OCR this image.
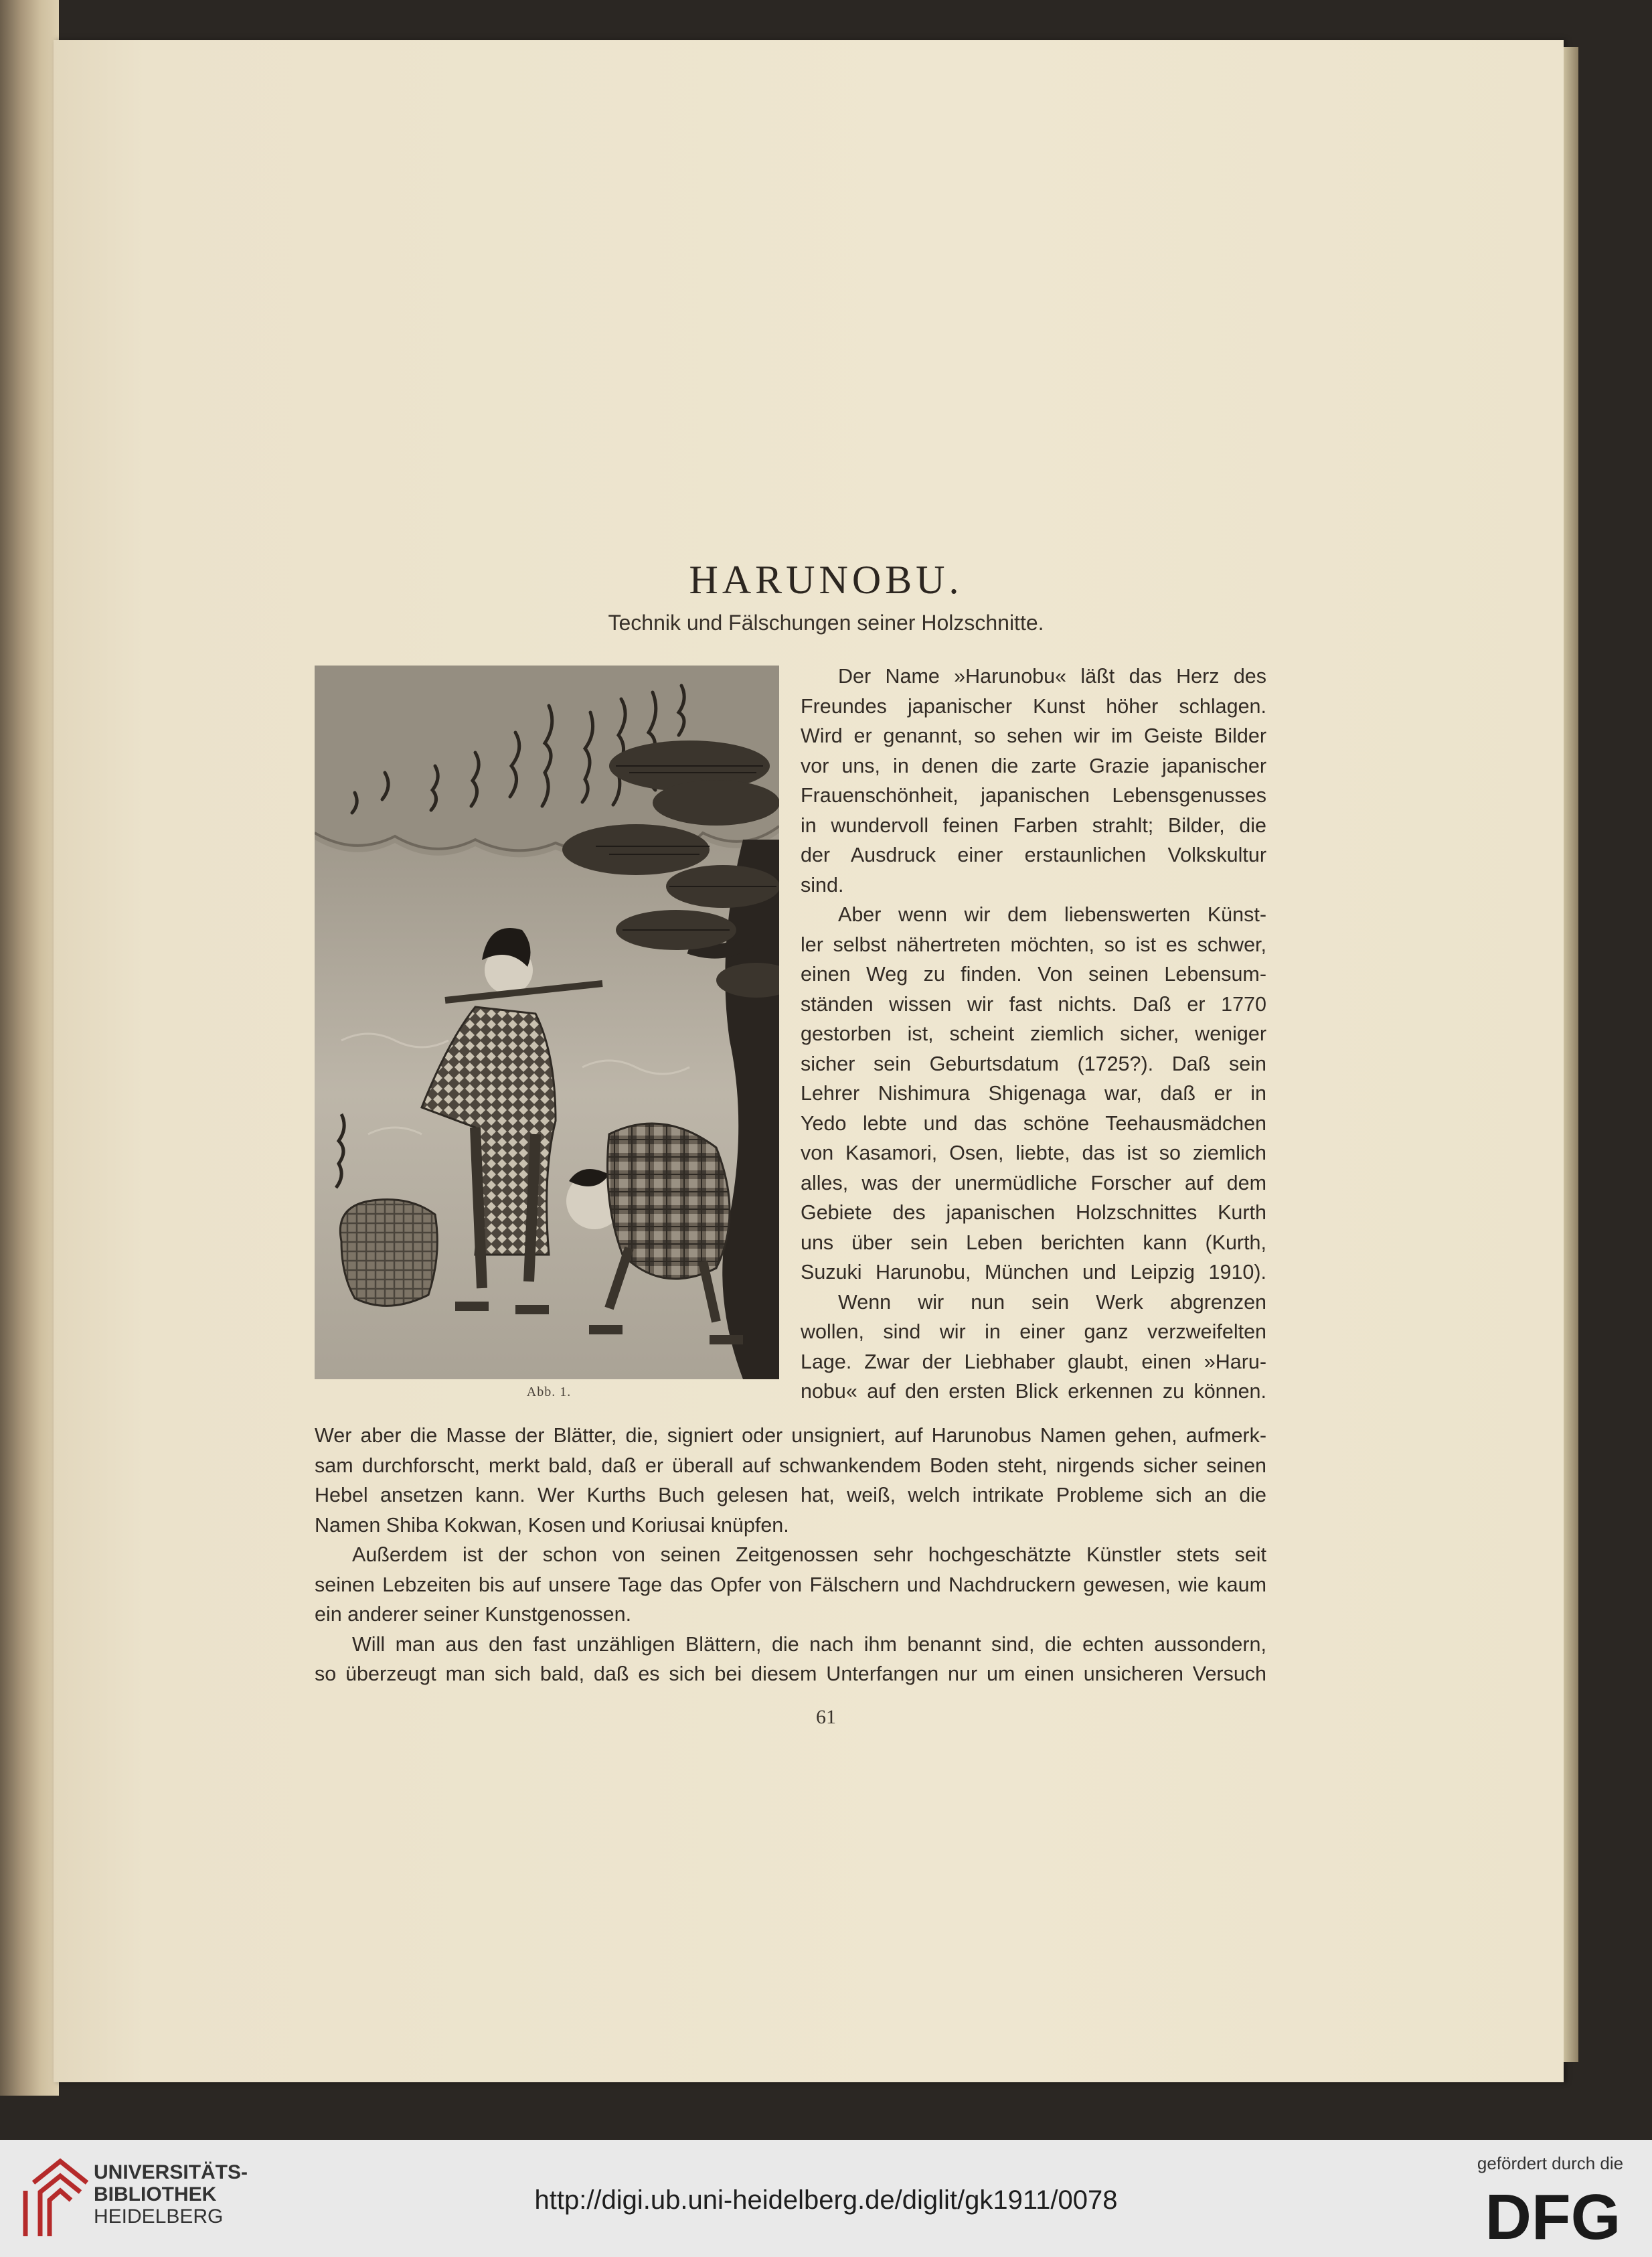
HARUNOBU.
Technik und Fälschungen seiner Holzschnitte.
Abb. 1.
Der Name »Harunobu« läßt das Herz des
Freundes japanischer Kunst höher schlagen.
Wird er genannt, so sehen wir im Geiste Bilder
vor uns, in denen die zarte Grazie japanischer
Frauenschönheit, japanischen Lebensgenusses
in wundervoll feinen Farben strahlt; Bilder, die
der Ausdruck einer erstaunlichen Volkskultur
sind.
Aber wenn wir dem liebenswerten Künst-
ler selbst nähertreten möchten, so ist es schwer,
einen Weg zu finden. Von seinen Lebensum-
ständen wissen wir fast nichts. Daß er 1770
gestorben ist, scheint ziemlich sicher, weniger
sicher sein Geburtsdatum (1725?). Daß sein
Lehrer Nishimura Shigenaga war, daß er in
Yedo lebte und das schöne Teehausmädchen
von Kasamori, Osen, liebte, das ist so ziemlich
alles, was der unermüdliche Forscher auf dem
Gebiete des japanischen Holzschnittes Kurth
uns über sein Leben berichten kann (Kurth,
Suzuki Harunobu, München und Leipzig 1910).
Wenn wir nun sein Werk abgrenzen
wollen, sind wir in einer ganz verzweifelten
Lage. Zwar der Liebhaber glaubt, einen »Haru-
nobu« auf den ersten Blick erkennen zu können.
Wer aber die Masse der Blätter, die, signiert oder unsigniert, auf Harunobus Namen gehen, aufmerk-
sam durchforscht, merkt bald, daß er überall auf schwankendem Boden steht, nirgends sicher seinen
Hebel ansetzen kann. Wer Kurths Buch gelesen hat, weiß, welch intrikate Probleme sich an die
Namen Shiba Kokwan, Kosen und Koriusai knüpfen.
Außerdem ist der schon von seinen Zeitgenossen sehr hochgeschätzte Künstler stets seit
seinen Lebzeiten bis auf unsere Tage das Opfer von Fälschern und Nachdruckern gewesen, wie kaum
ein anderer seiner Kunstgenossen.
Will man aus den fast unzähligen Blättern, die nach ihm benannt sind, die echten aussondern,
so überzeugt man sich bald, daß es sich bei diesem Unterfangen nur um einen unsicheren Versuch
61
UNIVERSITÄTS-
BIBLIOTHEK
HEIDELBERG
http://digi.ub.uni-heidelberg.de/diglit/gk1911/0078
gefördert durch die
DFG
